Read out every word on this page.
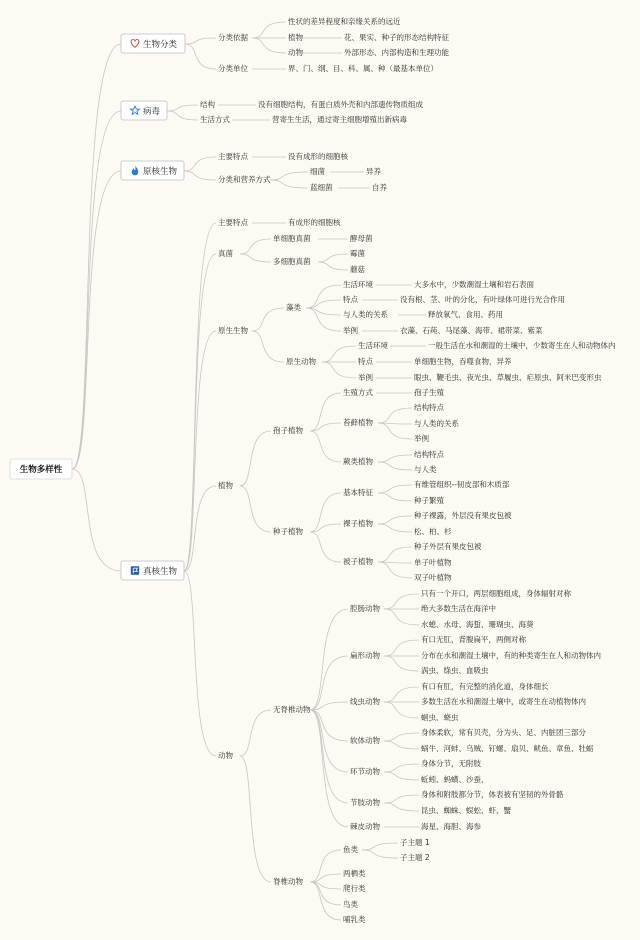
生物多样性
生物分类
病毒
原核生物
真核生物
性状的差异程度和亲缘关系的远近
分类依据	植物	花、果实、种子的形态结构特征
动物	外部形态、内部构造和生理功能
分类单位	界、门、纲、目、科、属、种（最基本单位）
结构	没有细胞结构，有蛋白质外壳和内部遗传物质组成
生活方式	营寄生生活，通过寄主细胞增殖出新病毒
主要特点	没有成形的细胞核
分类和营养方式
细菌	异养
蓝细菌	自养
主要特点	有成形的细胞核
真菌
单细胞真菌	酵母菌
多细胞真菌
霉菌
蘑菇
原生生物
藻类
生活环境	大多水中，少数潮湿土壤和岩石表面
特点	没有根、茎、叶的分化，有叶绿体可进行光合作用
与人类的关系	释放氧气、食用、药用
举例	衣藻、石莼、马尾藻、海带、裙带菜、紫菜
原生动物
生活环境	一般生活在水和潮湿的土壤中，少数寄生在人和动物体内
特点	单细胞生物，吞噬食物，异养
举例	眼虫、鞭毛虫、夜光虫、草履虫、疟原虫、阿米巴变形虫
植物
孢子植物
生殖方式	孢子生殖
苔藓植物
结构特点
与人类的关系
举例
蕨类植物
结构特点
与人类
种子植物
基本特征
有维管组织--韧皮部和木质部
种子繁殖
裸子植物
种子裸露，外层没有果皮包被
松、柏、杉
被子植物
种子外层有果皮包被
单子叶植物
双子叶植物
动物
无脊椎动物
腔肠动物
只有一个开口，两层细胞组成，身体辐射对称
绝大多数生活在海洋中
水螅、水母、海蜇、珊瑚虫、海葵
扁形动物
有口无肛，背腹扁平，两侧对称
分布在水和潮湿土壤中，有的种类寄生在人和动物体内
涡虫、绦虫、血吸虫
线虫动物
有口有肛，有完整的消化道，身体细长
多数生活在水和潮湿土壤中，或寄生在动植物体内
蛔虫、蛲虫
软体动物
身体柔软，常有贝壳，分为头、足、内脏团三部分
蜗牛、河蚌、乌贼、钉螺、扇贝、鱿鱼、章鱼、牡蛎
环节动物
身体分节，无附肢
蚯蚓、蚂蟥、沙蚕、
节肢动物
身体和附肢都分节，体表被有坚韧的外骨骼
昆虫、蜘蛛、蜈蚣、虾、蟹
棘皮动物	海星、海胆、海参
脊椎动物
鱼类
子主题 1
子主题 2
两栖类
爬行类
鸟类
哺乳类
